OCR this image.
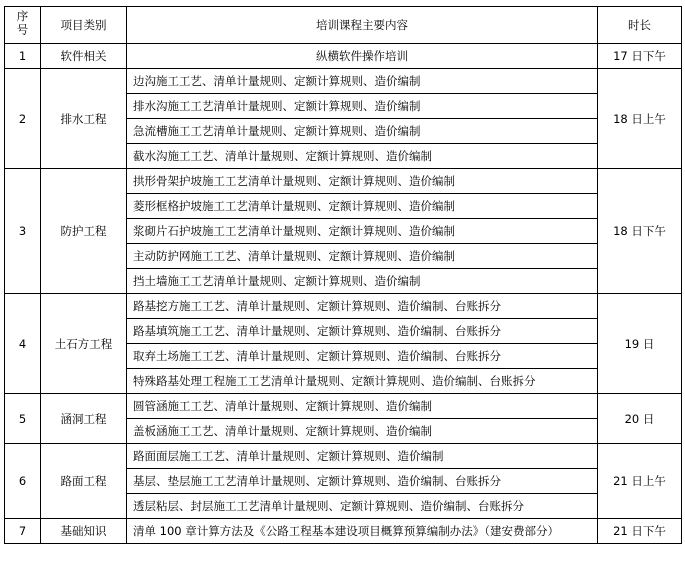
序号	项目类别	培训课程主要内容	时长
1	软件相关	纵横软件操作培训	17 日下午
2	排水工程	边沟施工工艺、清单计量规则、定额计算规则、造价编制	18 日上午
		排水沟施工工艺清单计量规则、定额计算规则、造价编制	
		急流槽施工工艺清单计量规则、定额计算规则、造价编制	
		截水沟施工工艺、清单计量规则、定额计算规则、造价编制	
3	防护工程	拱形骨架护坡施工工艺清单计量规则、定额计算规则、造价编制	18 日下午
		菱形框格护坡施工工艺清单计量规则、定额计算规则、造价编制	
		浆砌片石护坡施工工艺清单计量规则、定额计算规则、造价编制	
		主动防护网施工工艺、清单计量规则、定额计算规则、造价编制	
		挡土墙施工工艺清单计量规则、定额计算规则、造价编制	
4	土石方工程	路基挖方施工工艺、清单计量规则、定额计算规则、造价编制、台账拆分	19 日
		路基填筑施工工艺、清单计量规则、定额计算规则、造价编制、台账拆分	
		取弃土场施工工艺、清单计量规则、定额计算规则、造价编制、台账拆分	
		特殊路基处理工程施工工艺清单计量规则、定额计算规则、造价编制、台账拆分	
5	涵洞工程	圆管涵施工工艺、清单计量规则、定额计算规则、造价编制	20 日
		盖板涵施工工艺、清单计量规则、定额计算规则、造价编制	
6	路面工程	路面面层施工工艺、清单计量规则、定额计算规则、造价编制	21 日上午
		基层、垫层施工工艺清单计量规则、定额计算规则、造价编制、台账拆分	
		透层粘层、封层施工工艺清单计量规则、定额计算规则、造价编制、台账拆分	
7	基础知识	清单 100 章计算方法及《公路工程基本建设项目概算预算编制办法》（建安费部分）	21 日下午
